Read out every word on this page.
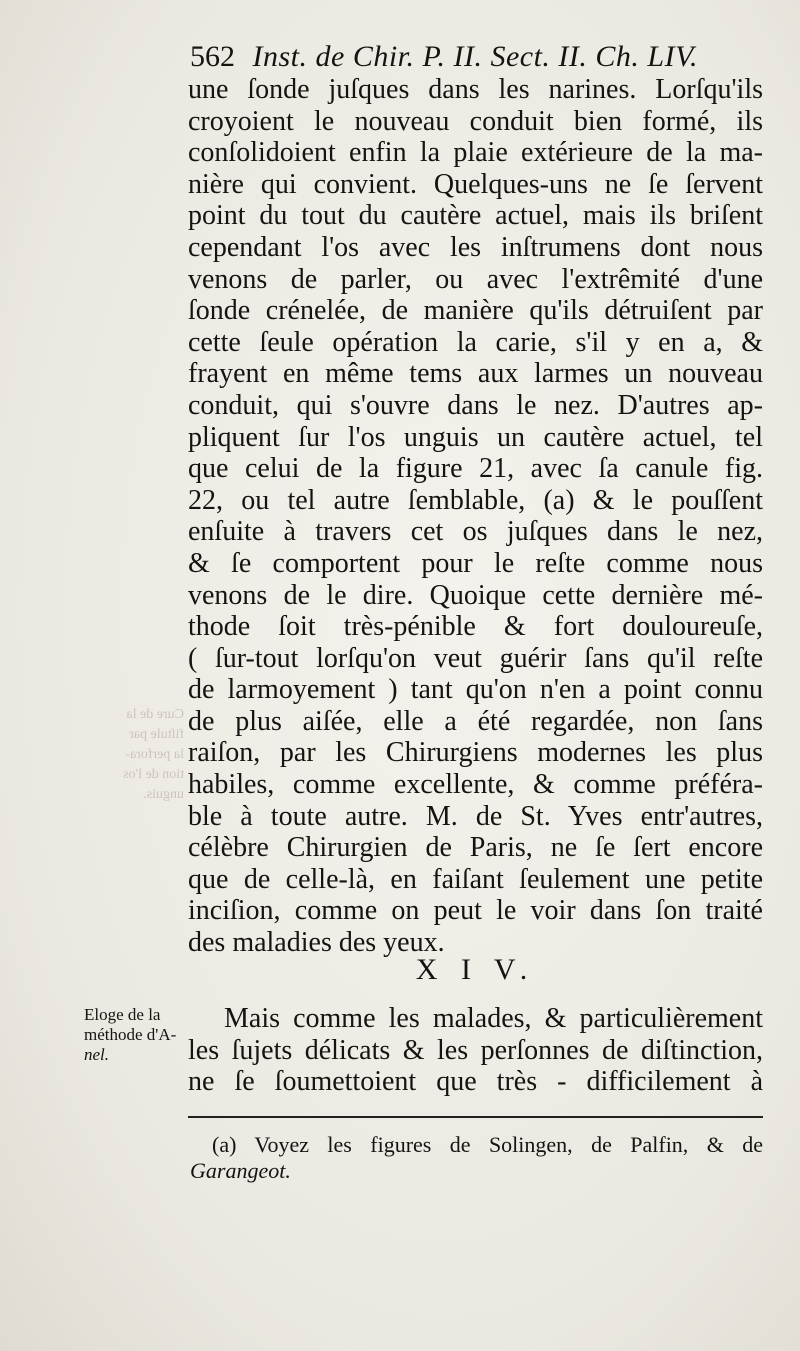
562 Inst. de Chir. P. II. Sect. II. Ch. LIV.
une ſonde juſques dans les narines. Lorſqu'ils
croyoient le nouveau conduit bien formé, ils
conſolidoient enfin la plaie extérieure de la ma-
nière qui convient. Quelques-uns ne ſe ſervent
point du tout du cautère actuel, mais ils briſent
cependant l'os avec les inſtrumens dont nous
venons de parler, ou avec l'extrêmité d'une
ſonde crénelée, de manière qu'ils détruiſent par
cette ſeule opération la carie, s'il y en a, &
frayent en même tems aux larmes un nouveau
conduit, qui s'ouvre dans le nez. D'autres ap-
pliquent ſur l'os unguis un cautère actuel, tel
que celui de la figure 21, avec ſa canule fig.
22, ou tel autre ſemblable, (a) & le pouſſent
enſuite à travers cet os juſques dans le nez,
& ſe comportent pour le reſte comme nous
venons de le dire. Quoique cette dernière mé-
thode ſoit très-pénible & fort douloureuſe,
( ſur-tout lorſqu'on veut guérir ſans qu'il reſte
de larmoyement ) tant qu'on n'en a point connu
de plus aiſée, elle a été regardée, non ſans
raiſon, par les Chirurgiens modernes les plus
habiles, comme excellente, & comme préféra-
ble à toute autre. M. de St. Yves entr'autres,
célèbre Chirurgien de Paris, ne ſe ſert encore
que de celle-là, en faiſant ſeulement une petite
inciſion, comme on peut le voir dans ſon traité
des maladies des yeux.
X I V.
Mais comme les malades, & particulièrement
les ſujets délicats & les perſonnes de diſtinction,
ne ſe ſoumettoient que très - difficilement à
Eloge de la
méthode d'A-
nel.
Cure de la
fiſtule par
la perfora-
tion de l'os
unguis.
(a) Voyez les figures de Solingen, de Palfin, & de
Garangeot.
